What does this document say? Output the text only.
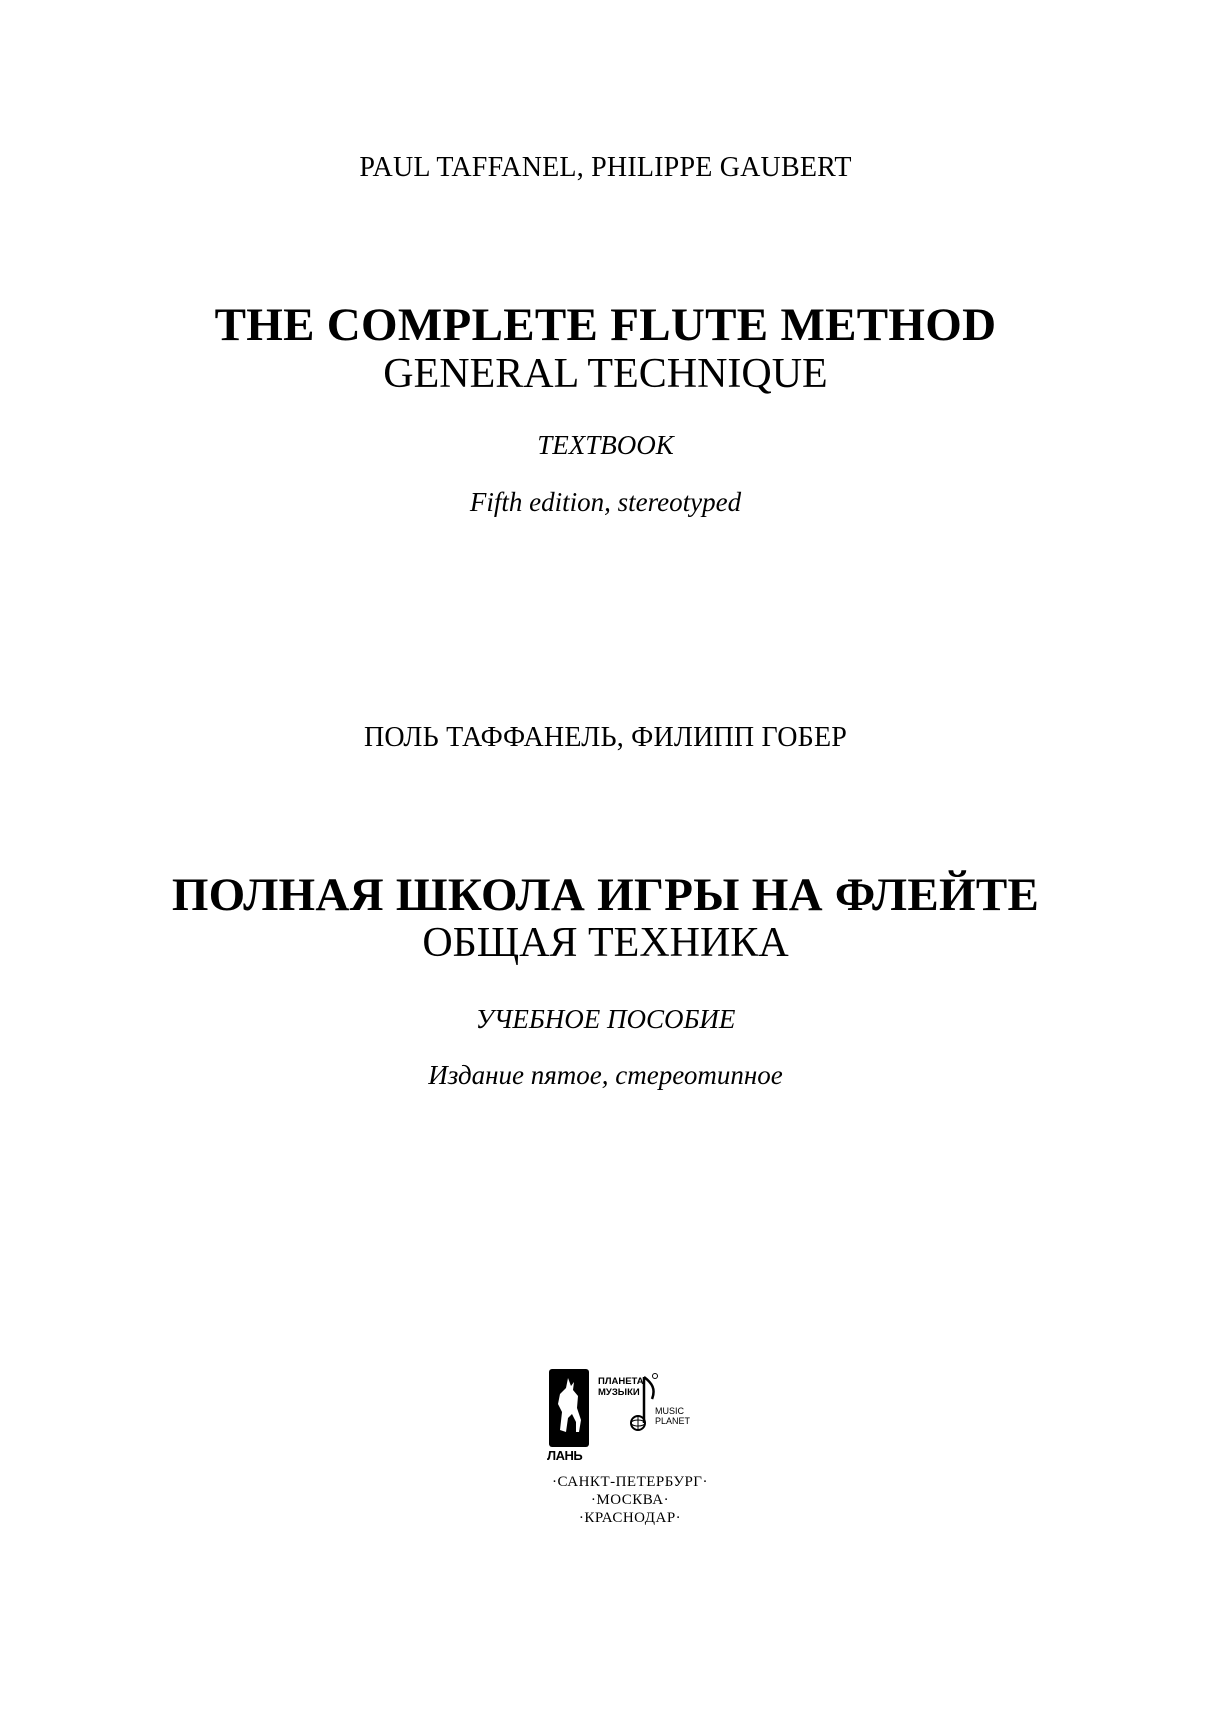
PAUL TAFFANEL, PHILIPPE GAUBERT
THE COMPLETE FLUTE METHOD
GENERAL TECHNIQUE
TEXTBOOK
Fifth edition, stereotyped
ПОЛЬ ТАФФАНЕЛЬ, ФИЛИПП ГОБЕР
ПОЛНАЯ ШКОЛА ИГРЫ НА ФЛЕЙТЕ
ОБЩАЯ ТЕХНИКА
УЧЕБНОЕ ПОСОБИЕ
Издание пятое, стереотипное
ЛАНЬ
ПЛАНЕТА
МУЗЫКИ
MUSIC
PLANET
·САНКТ-ПЕТЕРБУРГ·
·МОСКВА·
·КРАСНОДАР·
